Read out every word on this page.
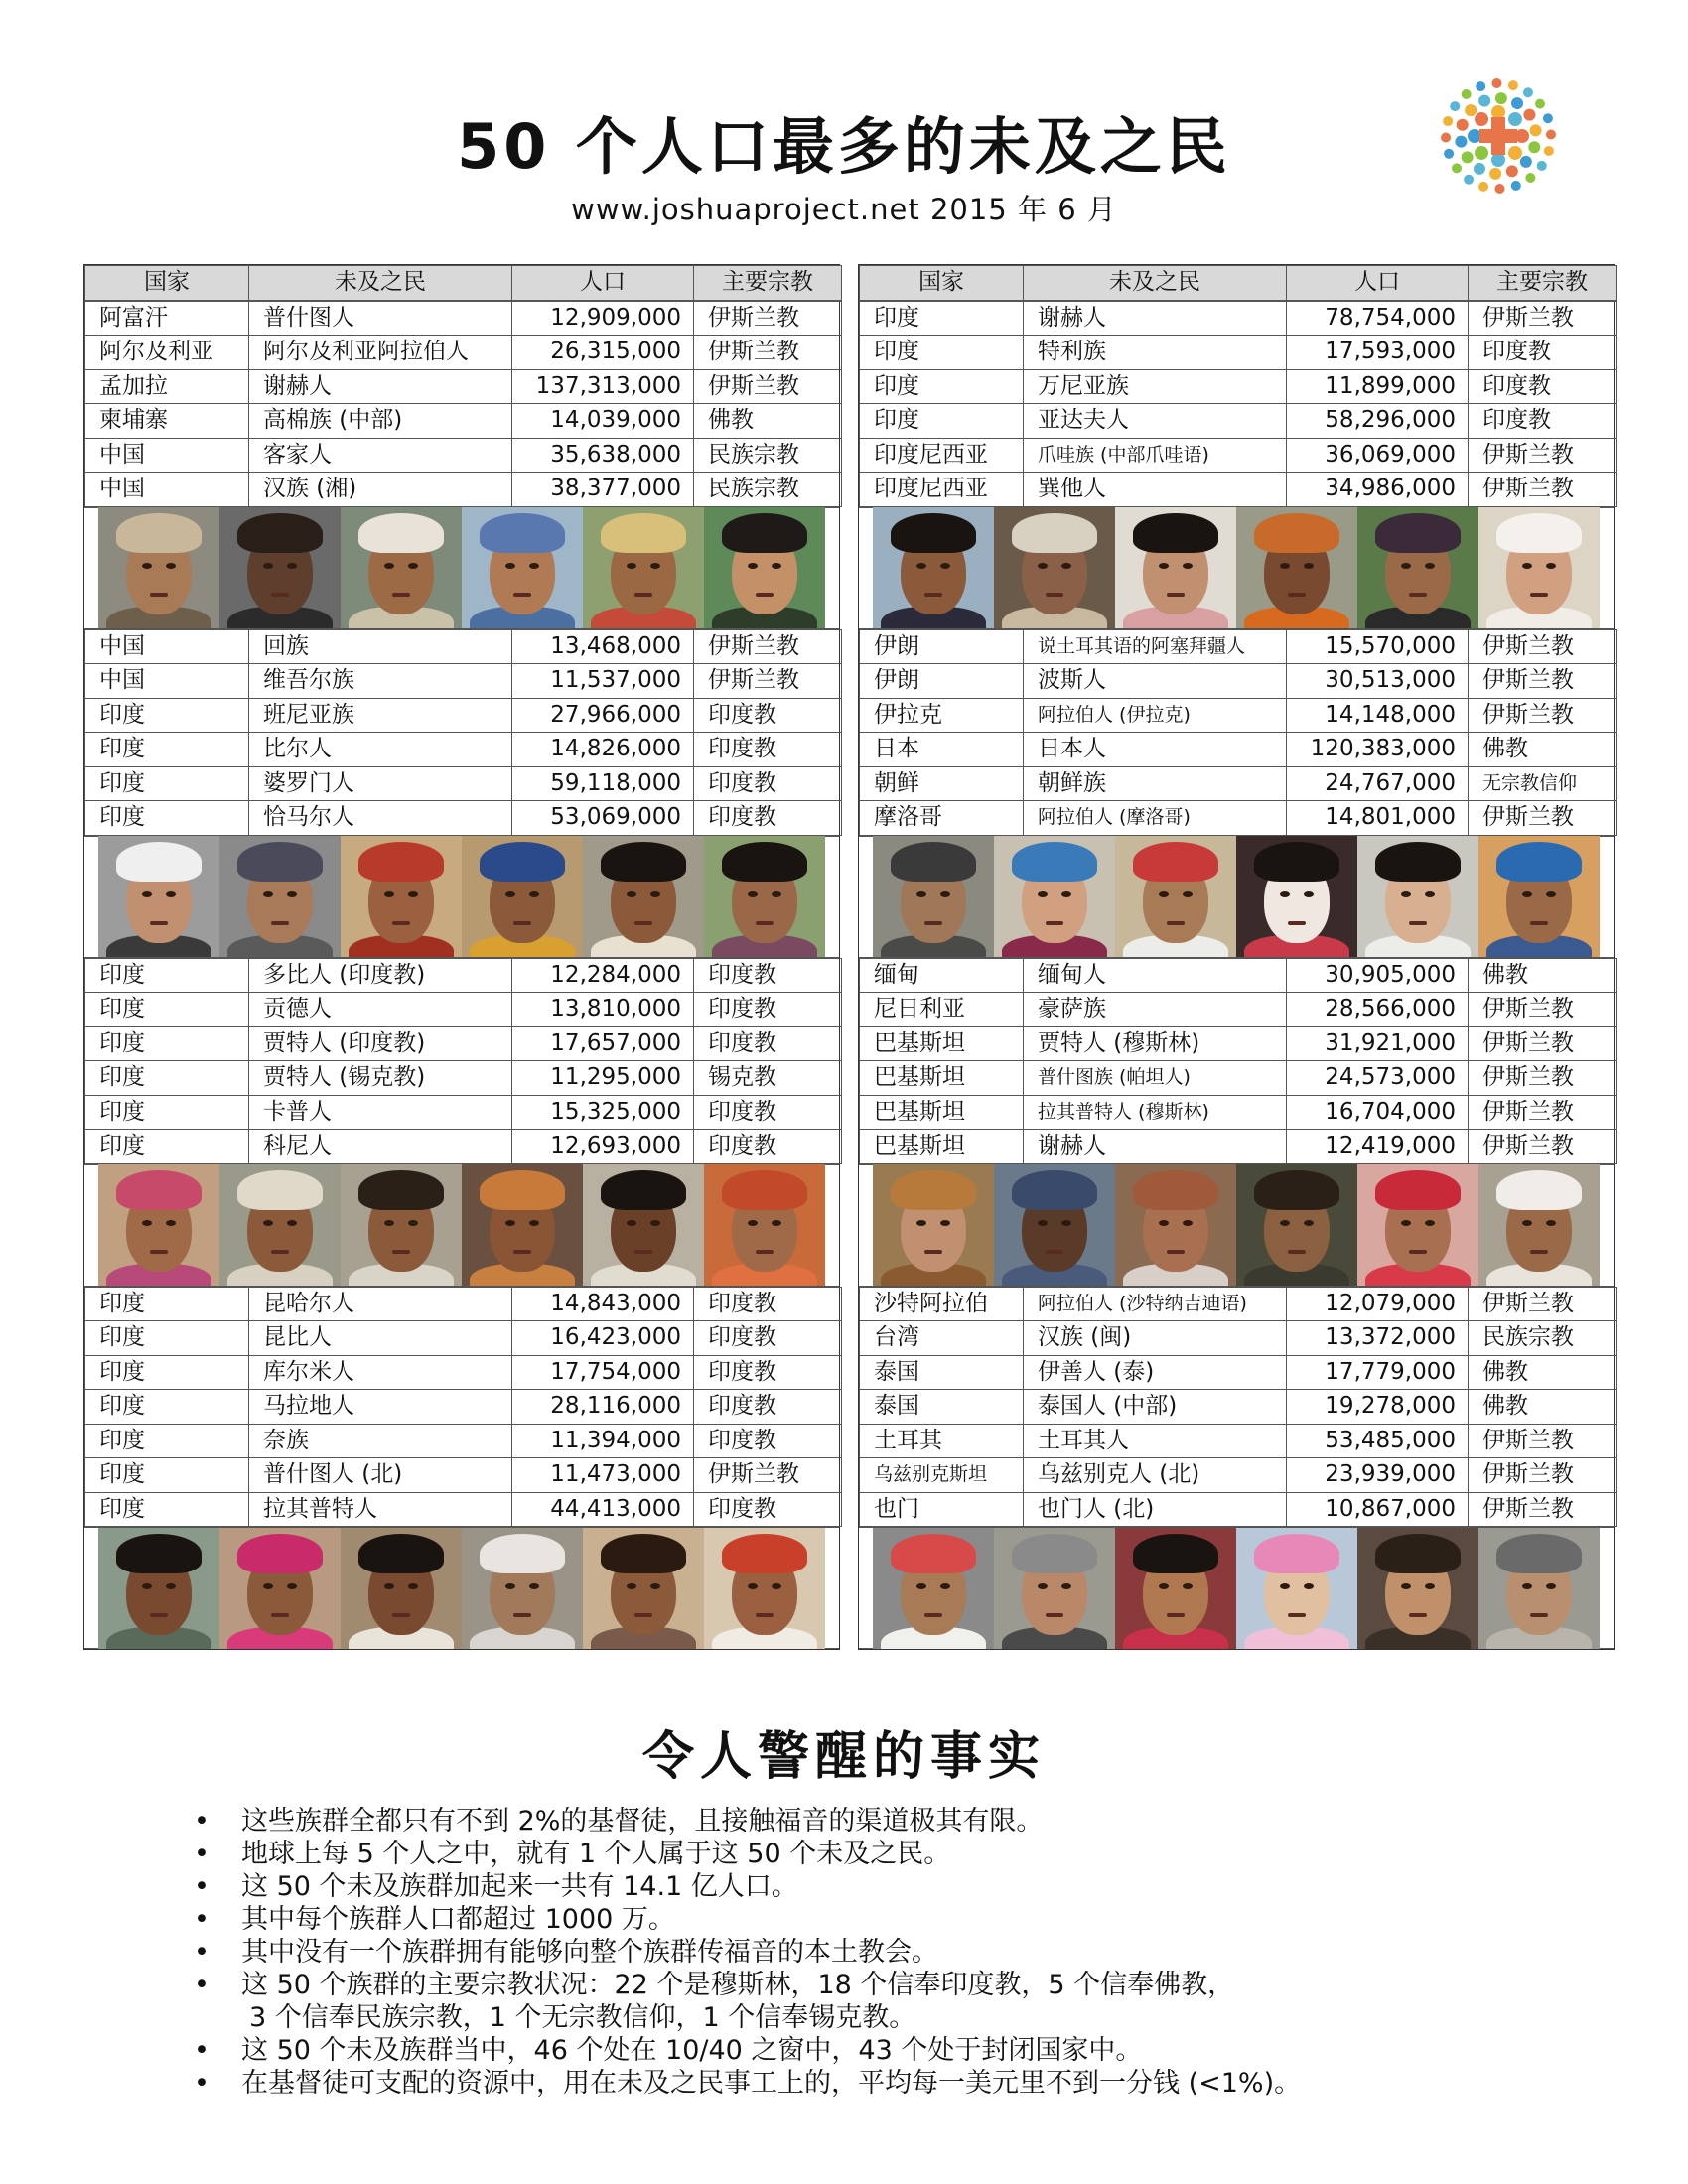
50 个人口最多的未及之民
www.joshuaproject.net 2015 年 6 月
国家	未及之民	人口	主要宗教
阿富汗	普什图人	12,909,000	伊斯兰教
阿尔及利亚	阿尔及利亚阿拉伯人	26,315,000	伊斯兰教
孟加拉	谢赫人	137,313,000	伊斯兰教
柬埔寨	高棉族 (中部)	14,039,000	佛教
中国	客家人	35,638,000	民族宗教
中国	汉族 (湘)	38,377,000	民族宗教
中国	回族	13,468,000	伊斯兰教
中国	维吾尔族	11,537,000	伊斯兰教
印度	班尼亚族	27,966,000	印度教
印度	比尔人	14,826,000	印度教
印度	婆罗门人	59,118,000	印度教
印度	恰马尔人	53,069,000	印度教
印度	多比人 (印度教)	12,284,000	印度教
印度	贡德人	13,810,000	印度教
印度	贾特人 (印度教)	17,657,000	印度教
印度	贾特人 (锡克教)	11,295,000	锡克教
印度	卡普人	15,325,000	印度教
印度	科尼人	12,693,000	印度教
印度	昆哈尔人	14,843,000	印度教
印度	昆比人	16,423,000	印度教
印度	库尔米人	17,754,000	印度教
印度	马拉地人	28,116,000	印度教
印度	奈族	11,394,000	印度教
印度	普什图人 (北)	11,473,000	伊斯兰教
印度	拉其普特人	44,413,000	印度教
国家	未及之民	人口	主要宗教
印度	谢赫人	78,754,000	伊斯兰教
印度	特利族	17,593,000	印度教
印度	万尼亚族	11,899,000	印度教
印度	亚达夫人	58,296,000	印度教
印度尼西亚	爪哇族 (中部爪哇语)	36,069,000	伊斯兰教
印度尼西亚	巽他人	34,986,000	伊斯兰教
伊朗	说土耳其语的阿塞拜疆人	15,570,000	伊斯兰教
伊朗	波斯人	30,513,000	伊斯兰教
伊拉克	阿拉伯人 (伊拉克)	14,148,000	伊斯兰教
日本	日本人	120,383,000	佛教
朝鲜	朝鲜族	24,767,000	无宗教信仰
摩洛哥	阿拉伯人 (摩洛哥)	14,801,000	伊斯兰教
缅甸	缅甸人	30,905,000	佛教
尼日利亚	豪萨族	28,566,000	伊斯兰教
巴基斯坦	贾特人 (穆斯林)	31,921,000	伊斯兰教
巴基斯坦	普什图族 (帕坦人)	24,573,000	伊斯兰教
巴基斯坦	拉其普特人 (穆斯林)	16,704,000	伊斯兰教
巴基斯坦	谢赫人	12,419,000	伊斯兰教
沙特阿拉伯	阿拉伯人 (沙特纳吉迪语)	12,079,000	伊斯兰教
台湾	汉族 (闽)	13,372,000	民族宗教
泰国	伊善人 (泰)	17,779,000	佛教
泰国	泰国人 (中部)	19,278,000	佛教
土耳其	土耳其人	53,485,000	伊斯兰教
乌兹别克斯坦	乌兹别克人 (北)	23,939,000	伊斯兰教
也门	也门人 (北)	10,867,000	伊斯兰教
令人警醒的事实
• 这些族群全都只有不到 2%的基督徒，且接触福音的渠道极其有限。
• 地球上每 5 个人之中，就有 1 个人属于这 50 个未及之民。
• 这 50 个未及族群加起来一共有 14.1 亿人口。
• 其中每个族群人口都超过 1000 万。
• 其中没有一个族群拥有能够向整个族群传福音的本土教会。
• 这 50 个族群的主要宗教状况：22 个是穆斯林，18 个信奉印度教，5 个信奉佛教，
3 个信奉民族宗教，1 个无宗教信仰，1 个信奉锡克教。
• 这 50 个未及族群当中，46 个处在 10/40 之窗中，43 个处于封闭国家中。
• 在基督徒可支配的资源中，用在未及之民事工上的，平均每一美元里不到一分钱 (<1%)。
